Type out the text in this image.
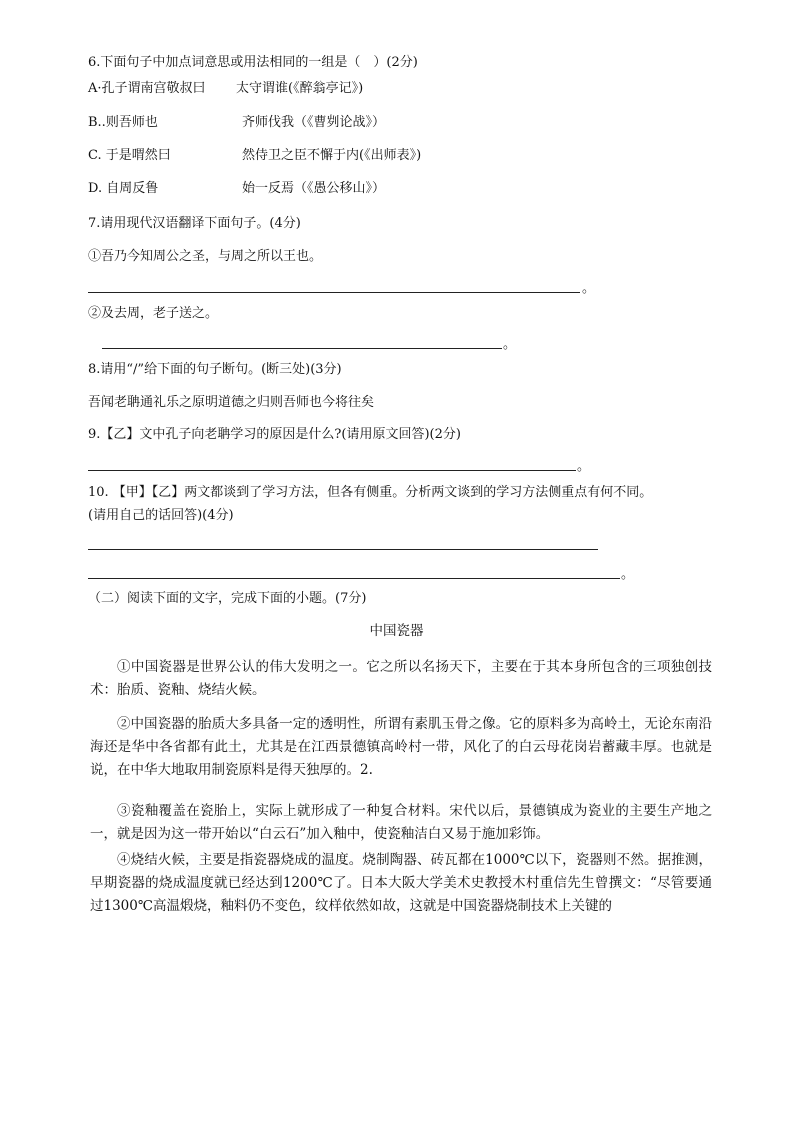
6.下面句子中加点词意思或用法相同的一组是（　）(2分)
A·孔子谓南宫敬叔曰 太守谓谁(《醉翁亭记》)
B..则吾师也	齐师伐我（《曹刿论战》）
C. 于是喟然曰	然侍卫之臣不懈于内(《出师表》)
D. 自周反鲁	始一反焉（《愚公移山》）
7.请用现代汉语翻译下面句子。(4分)
①吾乃今知周公之圣，与周之所以王也。
。
②及去周，老子送之。
。
8.请用“/”给下面的句子断句。(断三处)(3分)
吾闻老聃通礼乐之原明道德之归则吾师也今将往矣
9.【乙】文中孔子向老聃学习的原因是什么?(请用原文回答)(2分)
。
10. 【甲】【乙】两文都谈到了学习方法，但各有侧重。分析两文谈到的学习方法侧重点有何不同。
(请用自己的话回答)(4分)
。
（二）阅读下面的文字，完成下面的小题。(7分)
中国瓷器
①中国瓷器是世界公认的伟大发明之一。它之所以名扬天下，主要在于其本身所包含的三项独创技术：胎质、瓷釉、烧结火候。
②中国瓷器的胎质大多具备一定的透明性，所谓有素肌玉骨之像。它的原料多为高岭土，无论东南沿海还是华中各省都有此土，尤其是在江西景德镇高岭村一带，风化了的白云母花岗岩蓄藏丰厚。也就是说，在中华大地取用制瓷原料是得天独厚的。2.
③瓷釉覆盖在瓷胎上，实际上就形成了一种复合材料。宋代以后，景德镇成为瓷业的主要生产地之一，就是因为这一带开始以“白云石”加入釉中，使瓷釉洁白又易于施加彩饰。
④烧结火候，主要是指瓷器烧成的温度。烧制陶器、砖瓦都在1000℃以下，瓷器则不然。据推测，早期瓷器的烧成温度就已经达到1200℃了。日本大阪大学美术史教授木村重信先生曾撰文：“尽管要通过1300℃高温煅烧，釉料仍不变色，纹样依然如故，这就是中国瓷器烧制技术上关键的
